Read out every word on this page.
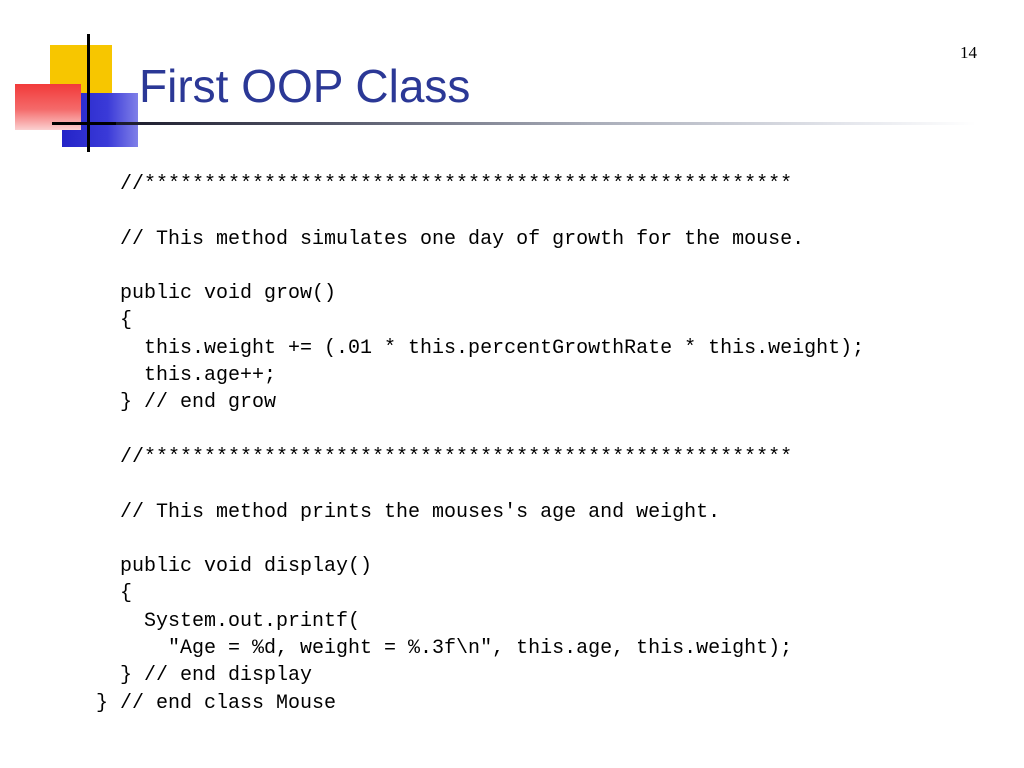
First OOP Class
14
//******************************************************
// This method simulates one day of growth for the mouse.
public void grow()
{
this.weight += (.01 * this.percentGrowthRate * this.weight);
this.age++;
} // end grow
//******************************************************
// This method prints the mouses's age and weight.
public void display()
{
System.out.printf(
"Age = %d, weight = %.3f\n", this.age, this.weight);
} // end display
} // end class Mouse
